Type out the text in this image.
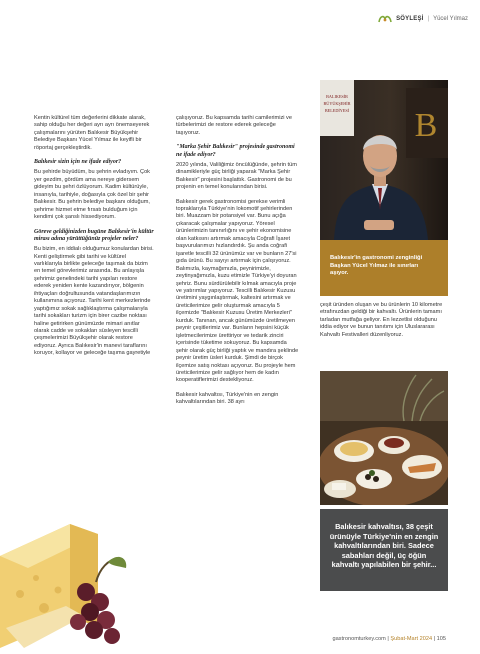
SÖYLEŞİ | Yücel Yılmaz

Kentin kültürel tüm değerlerini dikkate alarak, sahip olduğu her değeri ayrı ayrı önemseyerek çalışmalarını yürüten Balıkesir Büyükşehir Belediye Başkanı Yücel Yılmaz ile keyifli bir röportaj gerçekleştirdik.

Balıkesir sizin için ne ifade ediyor?

Bu şehirde büyüdüm, bu şehrin evladıyım. Çok yer gezdim, gördüm ama nereye gidersem gideyim bu şehri özlüyorum. Kadim kültürüyle, insanıyla, tarihiyle, doğasıyla çok özel bir şehir Balıkesir. Bu şehrin belediye başkanı olduğum, şehrime hizmet etme fırsatı bulduğum için kendimi çok şanslı hissediyorum.

Göreve geldiğinizden bugüne Balıkesir'in kültür mirası adına yürüttüğünüz projeler neler?

Bu bizim, en iddialı olduğumuz konulardan birisi. Kenti geliştirmek gibi tarihi ve kültürel varlıklarıyla birlikte geleceğe taşımak da bizim en temel görevlerimiz arasında. Bu anlayışla şehrimiz genelindeki tarihi yapıları restore ederek yeniden kente kazandırıyor, bölgenin ihtiyaçları doğrultusunda vatandaşlarımızın kullanımına açıyoruz. Tarihi kent merkezlerinde yaptığımız sokak sağlıklaştırma çalışmalarıyla tarihi sokakları turizm için birer cazibe noktası haline getirirken günümüzde mimari anıtlar olarak cadde ve sokakları süsleyen tescilli çeşmelerimizi Büyükşehir olarak restore ediyoruz. Ayrıca Balıkesir'in manevi taraflarını koruyor, kollayor ve geleceğe taşıma gayretiyle

çalışıyoruz. Bu kapsamda tarihi camilerimizi ve türbelerimizi de restore ederek geleceğe taşıyoruz.

"Marka Şehir Balıkesir" projesinde gastronomi ne ifade ediyor?

2020 yılında, Valiliğimiz öncülüğünde, şehrin tüm dinamikleriyle güç birliği yaparak "Marka Şehir Balıkesir" projesini başlattık. Gastronomi de bu projenin en temel konularından birisi.

Balıkesir gerek gastronomisi gerekse verimli topraklarıyla Türkiye'nin lokomotif şehirlerinden biri. Muazzam bir potansiyel var. Bunu açığa çıkaracak çalışmalar yapıyoruz. Yöresel ürünlerimizin tanınırlığını ve şehir ekonomisine olan katkısını artırmak amacıyla Coğrafi İşaret başvurularımızı hızlandırdık. Şu anda coğrafi işaretle tescilli 32 ürünümüz var ve bunların 27'si gıda ürünü. Bu sayıyı artırmak için çalışıyoruz. Balımızla, kaymağımızla, peynirimizle, zeytinyağımızla, kuzu etimizle Türkiye'yi doyuran şehriz. Bunu sürdürülebilir kılmak amacıyla proje ve yatırımlar yapıyoruz. Tescilli Balıkesir Kuzusu üretimini yaygınlaştırmak, kaltesini artırmak ve üreticilerimize gelir oluşturmak amacıyla 5 ilçemizde "Balıkesir Kuzusu Üretim Merkezleri" kurduk. Tanınan, ancak günümüzde üretilmeyen peynir çeşitlerimiz var. Bunların hepsini küçük işletmecilerimize ürettiriyor ve tedarik zinciri içerisinde tüketime sokuyoruz. Bu kapsamda şehir olarak güç birliği yaptık ve mandıra şeklinde peynir üretim üsleri kurduk. Şimdi de birçok ilçemize satış noktası açıyoruz. Bu projeyle hem üreticilerimize gelir sağlıyor hem de kadın kooperatiflerimizi destekliyoruz.

Balıkesir kahvaltısı, Türkiye'nin en zengin kahvaltılarından biri. 38 ayrı

çeşit üründen oluşan ve bu ürünlerin 10 kilometre etrafınızdan geldiği bir kahvaltı. Ürünlerin tamamı tarladan mutfağa geliyor. En lezzetlisi olduğunu iddia ediyor ve bunun tanıtımı için Uluslararası Kahvaltı Festivalleri düzenliyoruz.

BALIKESİR
BÜYÜKŞEHİR
BELEDİYESİ B
Balıkesir'in gastronomi zenginliği Başkan Yücel Yılmaz ile sınırları aşıyor.
Balıkesir kahvaltısı, 38 çeşit ürünüyle Türkiye'nin en zengin kahvaltılarından biri. Sadece sabahları değil, üç öğün kahvaltı yapılabilen bir şehir...
gastronomturkey.com | Şubat-Mart 2024 | 105
